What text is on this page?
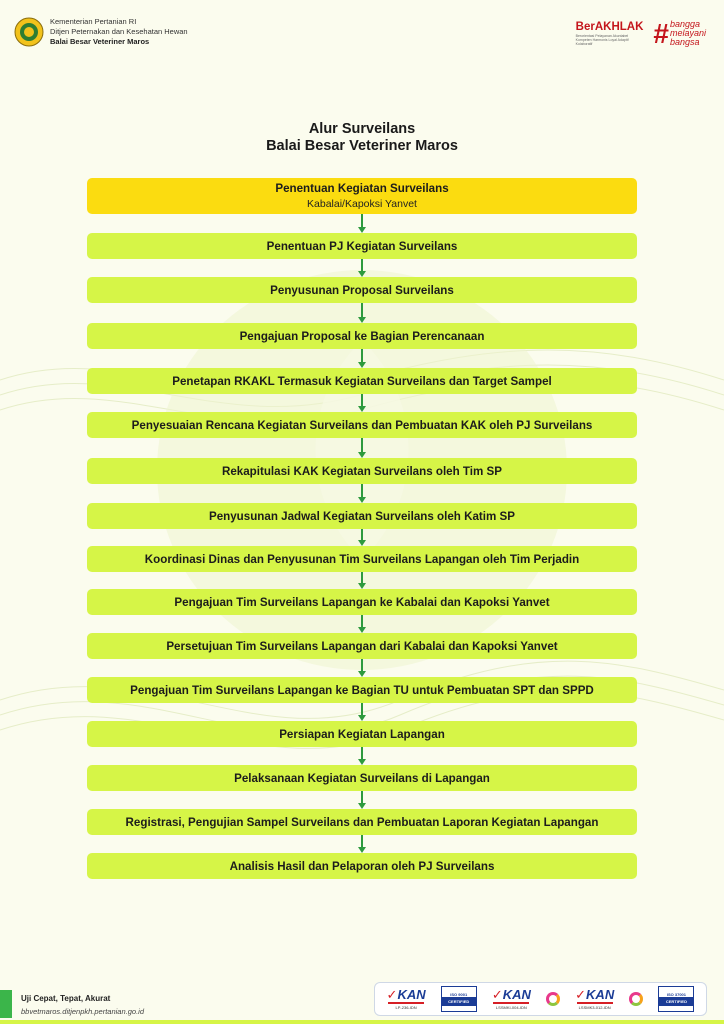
Kementerian Pertanian RI
Ditjen Peternakan dan Kesehatan Hewan
Balai Besar Veteriner Maros
BerAKHLAK
Berorientasi Pelayanan Akuntabel Kompeten Harmonis Loyal Adaptif Kolaboratif	# bangga
melayani
bangsa
Alur Surveilans
Balai Besar Veteriner Maros
Penentuan Kegiatan Surveilans
Kabalai/Kapoksi Yanvet
Penentuan PJ Kegiatan Surveilans
Penyusunan Proposal Surveilans
Pengajuan Proposal ke Bagian Perencanaan
Penetapan RKAKL Termasuk Kegiatan Surveilans dan Target Sampel
Penyesuaian Rencana Kegiatan Surveilans dan Pembuatan KAK oleh PJ Surveilans
Rekapitulasi KAK Kegiatan Surveilans oleh Tim SP
Penyusunan Jadwal Kegiatan Surveilans oleh Katim SP
Koordinasi Dinas dan Penyusunan Tim Surveilans Lapangan oleh Tim Perjadin
Pengajuan Tim Surveilans Lapangan ke Kabalai dan Kapoksi Yanvet
Persetujuan Tim Surveilans Lapangan dari Kabalai dan Kapoksi Yanvet
Pengajuan Tim Surveilans Lapangan ke Bagian TU untuk Pembuatan SPT dan SPPD
Persiapan Kegiatan Lapangan
Pelaksanaan Kegiatan Surveilans di Lapangan
Registrasi, Pengujian Sampel Surveilans dan Pembuatan Laporan Kegiatan Lapangan
Analisis Hasil dan Pelaporan oleh PJ Surveilans
Uji Cepat, Tepat, Akurat
bbvetmaros.ditjenpkh.pertanian.go.id
✓KAN
LP-236-IDN
ISO 9001
CERTIFIED	✓KAN
LSSMKI-004-IDN
✓KAN
LSSMK3-012-IDN
ISO 37001
CERTIFIED
